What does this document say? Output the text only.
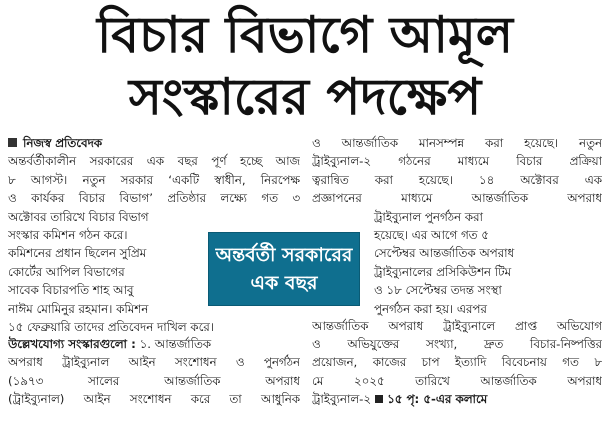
বিচার বিভাগে আমূল
সংস্কারের পদক্ষেপ
নিজস্ব প্রতিবেদক
অন্তর্বর্তীকালীন সরকারের এক বছর পূর্ণ হচ্ছে আজ
৮ আগস্ট। নতুন সরকার ‘একটি স্বাধীন, নিরপেক্ষ
ও কার্যকর বিচার বিভাগ’ প্রতিষ্ঠার লক্ষ্যে গত ৩
অক্টোবর তারিখে বিচার বিভাগ
সংস্কার কমিশন গঠন করে।
কমিশনের প্রধান ছিলেন সুপ্রিম
কোর্টের আপিল বিভাগের
সাবেক বিচারপতি শাহ আবু
নাঈম মোমিনুর রহমান। কমিশন
১৫ ফেব্রুয়ারি তাদের প্রতিবেদন দাখিল করে।
ও আন্তর্জাতিক মানসম্পন্ন করা হয়েছে। নতুন
ট্রাইব্যুনাল-২ গঠনের মাধ্যমে বিচার প্রক্রিয়া
ত্বরান্বিত করা হয়েছে। ১৪ অক্টোবর এক
প্রজ্ঞাপনের মাধ্যমে আন্তর্জাতিক অপরাধ
ট্রাইব্যুনাল পুনর্গঠন করা
হয়েছে। এর আগে গত ৫
সেপ্টেম্বর আন্তর্জাতিক অপরাধ
ট্রাইব্যুনালের প্রসিকিউশন টিম
ও ১৮ সেপ্টেম্বর তদন্ত সংস্থা
পুনর্গঠন করা হয়। এরপর
অন্তর্বর্তী সরকারের
এক বছর
উল্লেখযোগ্য সংস্কারগুলো : ১. আন্তর্জাতিক
অপরাধ ট্রাইব্যুনাল আইন সংশোধন ও পুনর্গঠন
(১৯৭৩ সালের আন্তর্জাতিক অপরাধ
(ট্রাইব্যুনাল) আইন সংশোধন করে তা আধুনিক
আন্তর্জাতিক অপরাধ ট্রাইব্যুনালে প্রাপ্ত অভিযোগ
ও অভিযুক্তের সংখ্যা, দ্রুত বিচার-নিষ্পত্তির
প্রয়োজন, কাজের চাপ ইত্যাদি বিবেচনায় গত ৮
মে ২০২৫ তারিখে আন্তর্জাতিক অপরাধ
ট্রাইব্যুনাল-২ ১৫ পৃ: ৫-এর কলামে
